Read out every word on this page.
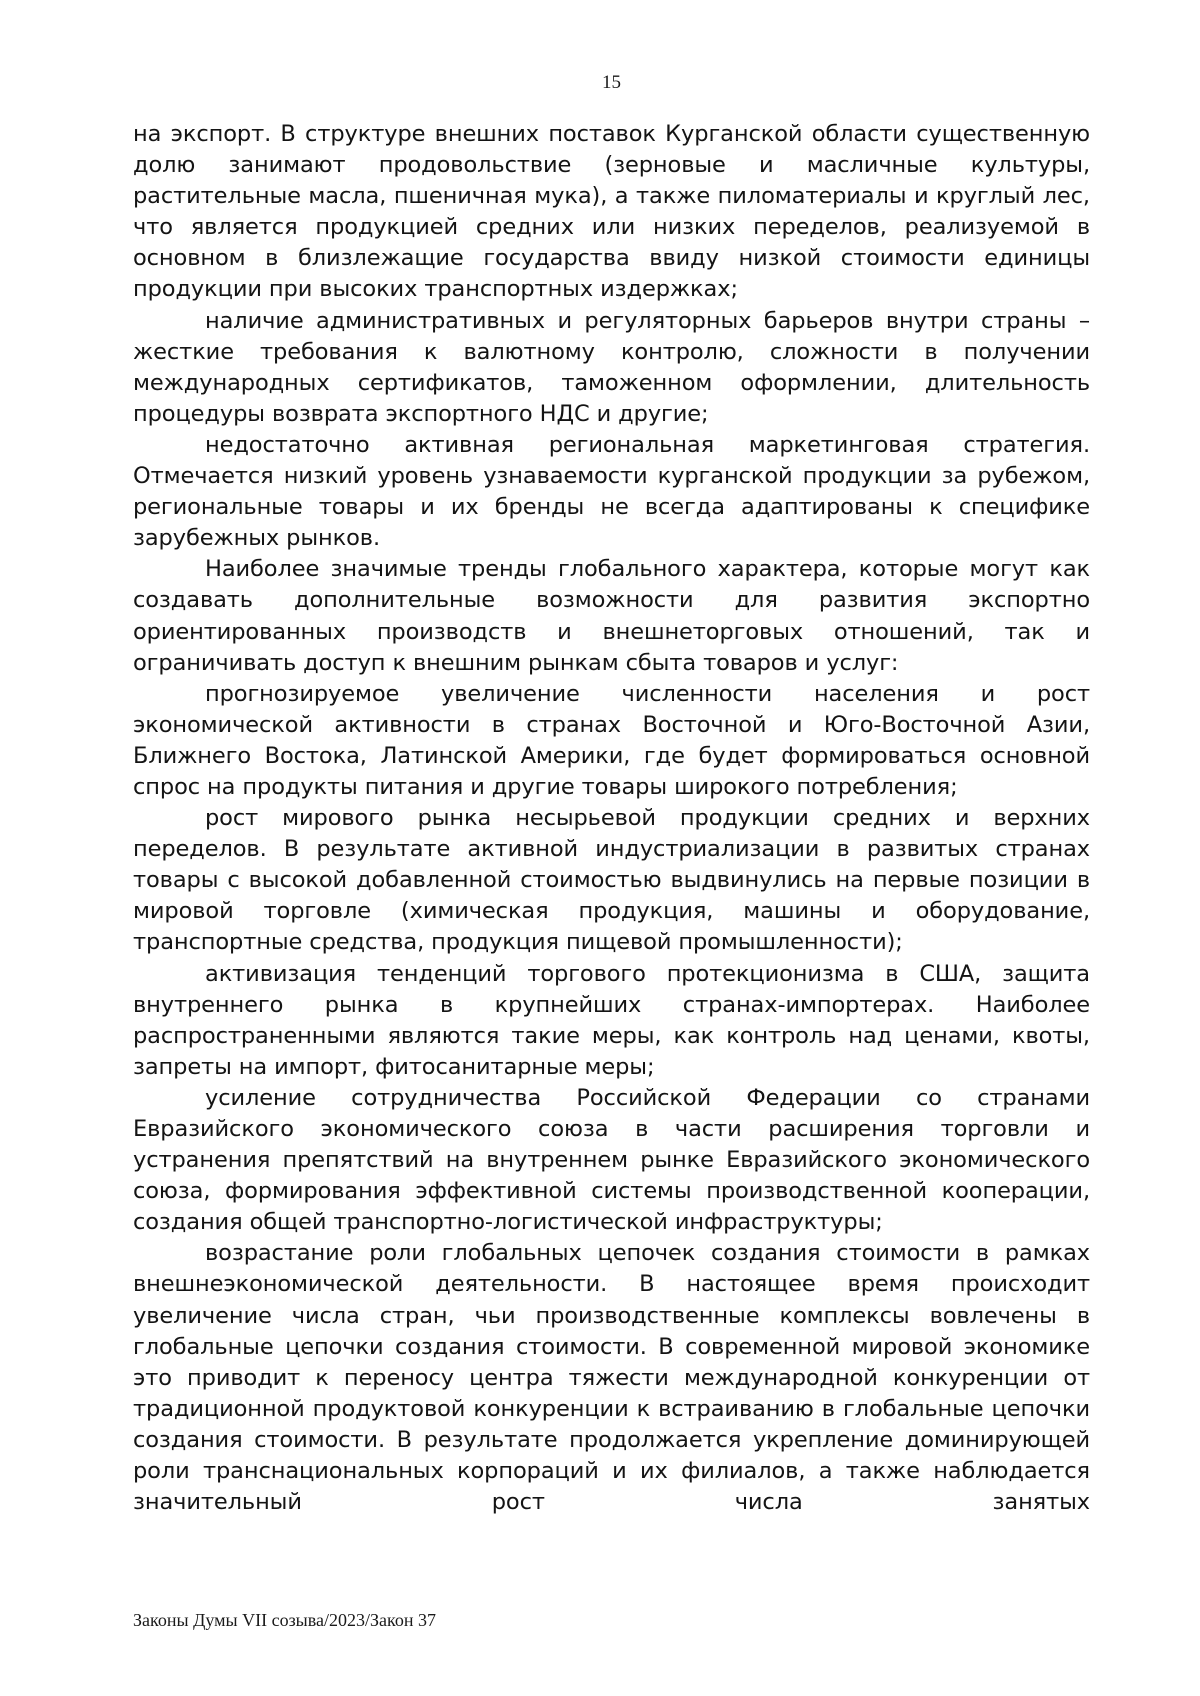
15

на экспорт. В структуре внешних поставок Курганской области существенную долю занимают продовольствие (зерновые и масличные культуры, растительные масла, пшеничная мука), а также пиломатериалы и круглый лес, что является продукцией средних или низких переделов, реализуемой в основном в близлежащие государства ввиду низкой стоимости единицы продукции при высоких транспортных издержках;

наличие административных и регуляторных барьеров внутри страны – жесткие требования к валютному контролю, сложности в получении международных сертификатов, таможенном оформлении, длительность процедуры возврата экспортного НДС и другие;

недостаточно активная региональная маркетинговая стратегия. Отмечается низкий уровень узнаваемости курганской продукции за рубежом, региональные товары и их бренды не всегда адаптированы к специфике зарубежных рынков.

Наиболее значимые тренды глобального характера, которые могут как создавать дополнительные возможности для развития экспортно ориентированных производств и внешнеторговых отношений, так и ограничивать доступ к внешним рынкам сбыта товаров и услуг:

прогнозируемое увеличение численности населения и рост экономической активности в странах Восточной и Юго-Восточной Азии, Ближнего Востока, Латинской Америки, где будет формироваться основной спрос на продукты питания и другие товары широкого потребления;

рост мирового рынка несырьевой продукции средних и верхних переделов. В результате активной индустриализации в развитых странах товары с высокой добавленной стоимостью выдвинулись на первые позиции в мировой торговле (химическая продукция, машины и оборудование, транспортные средства, продукция пищевой промышленности);

активизация тенденций торгового протекционизма в США, защита внутреннего рынка в крупнейших странах-импортерах. Наиболее распространенными являются такие меры, как контроль над ценами, квоты, запреты на импорт, фитосанитарные меры;

усиление сотрудничества Российской Федерации со странами Евразийского экономического союза в части расширения торговли и устранения препятствий на внутреннем рынке Евразийского экономического союза, формирования эффективной системы производственной кооперации, создания общей транспортно-логистической инфраструктуры;

возрастание роли глобальных цепочек создания стоимости в рамках внешнеэкономической деятельности. В настоящее время происходит увеличение числа стран, чьи производственные комплексы вовлечены в глобальные цепочки создания стоимости. В современной мировой экономике это приводит к переносу центра тяжести международной конкуренции от традиционной продуктовой конкуренции к встраиванию в глобальные цепочки создания стоимости. В результате продолжается укрепление доминирующей роли транснациональных корпораций и их филиалов, а также наблюдается значительный рост числа занятых

Законы Думы VII созыва/2023/Закон 37
